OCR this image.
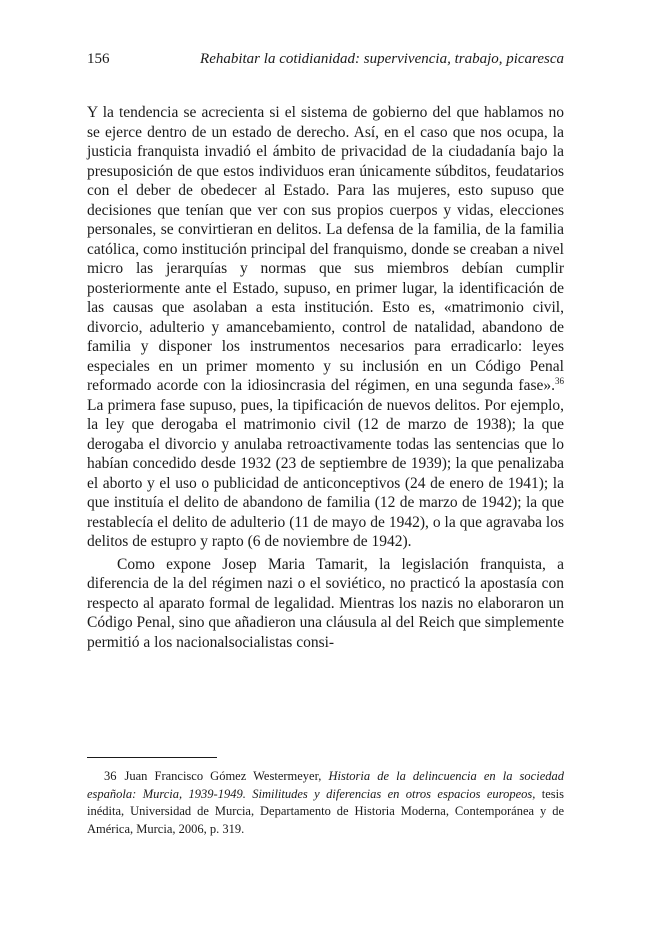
156	Rehabitar la cotidianidad: supervivencia, trabajo, picaresca

Y la tendencia se acrecienta si el sistema de gobierno del que hablamos no se ejerce dentro de un estado de derecho. Así, en el caso que nos ocupa, la justicia franquista invadió el ámbito de privacidad de la ciudadanía bajo la presuposición de que estos individuos eran únicamente súbditos, feudatarios con el deber de obedecer al Estado. Para las mujeres, esto supuso que decisiones que tenían que ver con sus propios cuerpos y vidas, elecciones personales, se convirtieran en delitos. La defensa de la familia, de la familia católica, como institución principal del franquismo, donde se creaban a nivel micro las jerarquías y normas que sus miembros debían cumplir posteriormente ante el Estado, supuso, en primer lugar, la identificación de las causas que asolaban a esta institución. Esto es, «matrimonio civil, divorcio, adulterio y amancebamiento, control de natalidad, abandono de familia y disponer los instrumentos necesarios para erradicarlo: leyes especiales en un primer momento y su inclusión en un Código Penal reformado acorde con la idiosincrasia del régimen, en una segunda fase».$^{36}$ La primera fase supuso, pues, la tipificación de nuevos delitos. Por ejemplo, la ley que derogaba el matrimonio civil (12 de marzo de 1938); la que derogaba el divorcio y anulaba retroactivamente todas las sentencias que lo habían concedido desde 1932 (23 de septiembre de 1939); la que penalizaba el aborto y el uso o publicidad de anticonceptivos (24 de enero de 1941); la que instituía el delito de abandono de familia (12 de marzo de 1942); la que restablecía el delito de adulterio (11 de mayo de 1942), o la que agravaba los delitos de estupro y rapto (6 de noviembre de 1942).

Como expone Josep Maria Tamarit, la legislación franquista, a diferencia de la del régimen nazi o el soviético, no practicó la apostasía con respecto al aparato formal de legalidad. Mientras los nazis no elaboraron un Código Penal, sino que añadieron una cláusula al del Reich que simplemente permitió a los nacionalsocialistas consi-

36 Juan Francisco Gómez Westermeyer, Historia de la delincuencia en la sociedad española: Murcia, 1939-1949. Similitudes y diferencias en otros espacios europeos, tesis inédita, Universidad de Murcia, Departamento de Historia Moderna, Contemporánea y de América, Murcia, 2006, p. 319.
